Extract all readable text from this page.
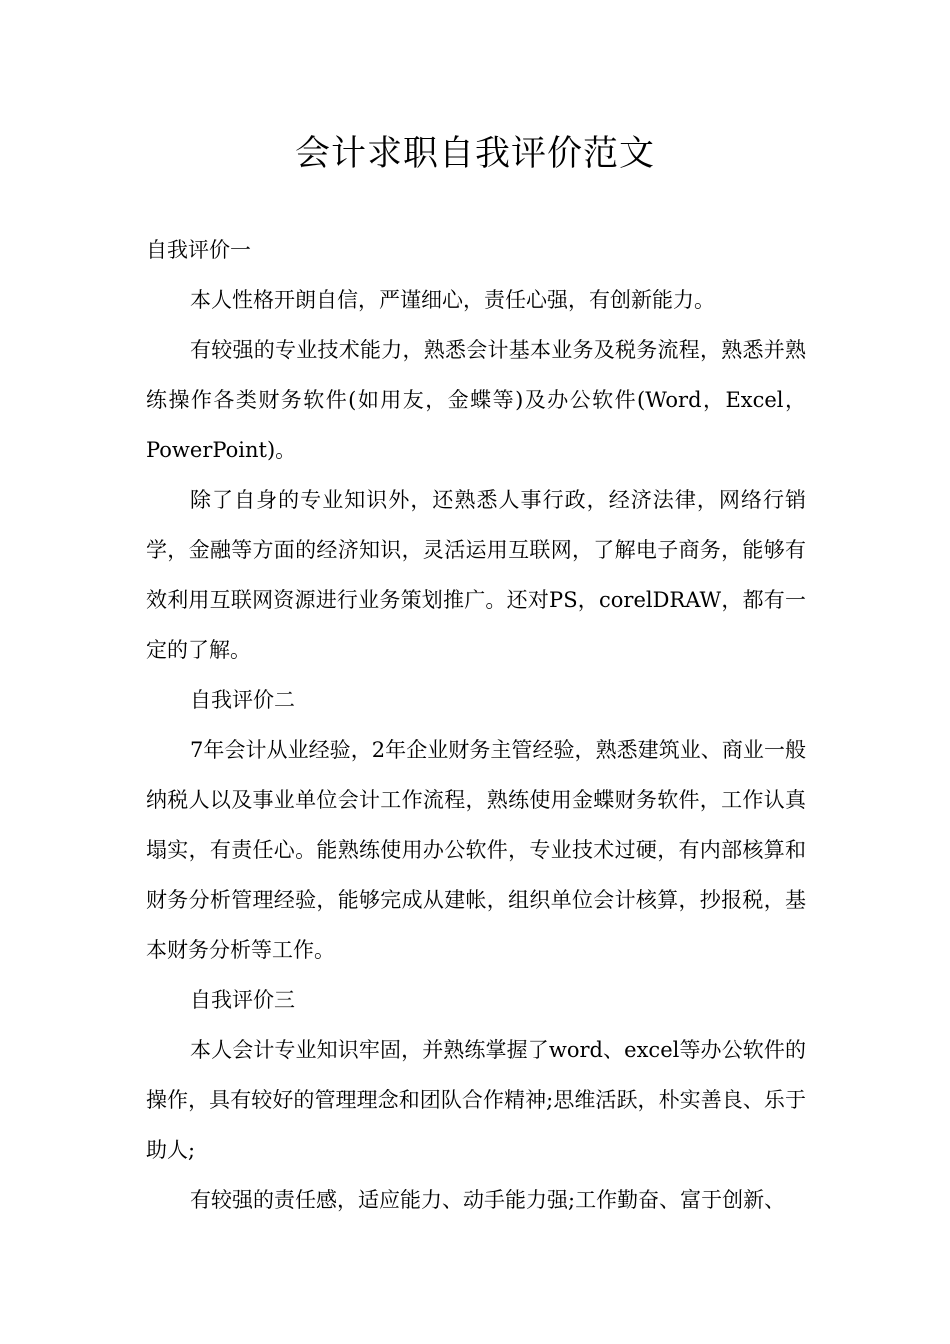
会计求职自我评价范文

自我评价一

本人性格开朗自信，严谨细心，责任心强，有创新能力。

有较强的专业技术能力，熟悉会计基本业务及税务流程，熟悉并熟练操作各类财务软件(如用友，金蝶等)及办公软件(Word，Excel，PowerPoint)。

除了自身的专业知识外，还熟悉人事行政，经济法律，网络行销学，金融等方面的经济知识，灵活运用互联网，了解电子商务，能够有效利用互联网资源进行业务策划推广。还对PS，corelDRAW，都有一定的了解。

自我评价二

7年会计从业经验，2年企业财务主管经验，熟悉建筑业、商业一般纳税人以及事业单位会计工作流程，熟练使用金蝶财务软件，工作认真塌实，有责任心。能熟练使用办公软件，专业技术过硬，有内部核算和财务分析管理经验，能够完成从建帐，组织单位会计核算，抄报税，基本财务分析等工作。

自我评价三

本人会计专业知识牢固，并熟练掌握了word、excel等办公软件的操作，具有较好的管理理念和团队合作精神;思维活跃，朴实善良、乐于助人;

有较强的责任感，适应能力、动手能力强;工作勤奋、富于创新、
